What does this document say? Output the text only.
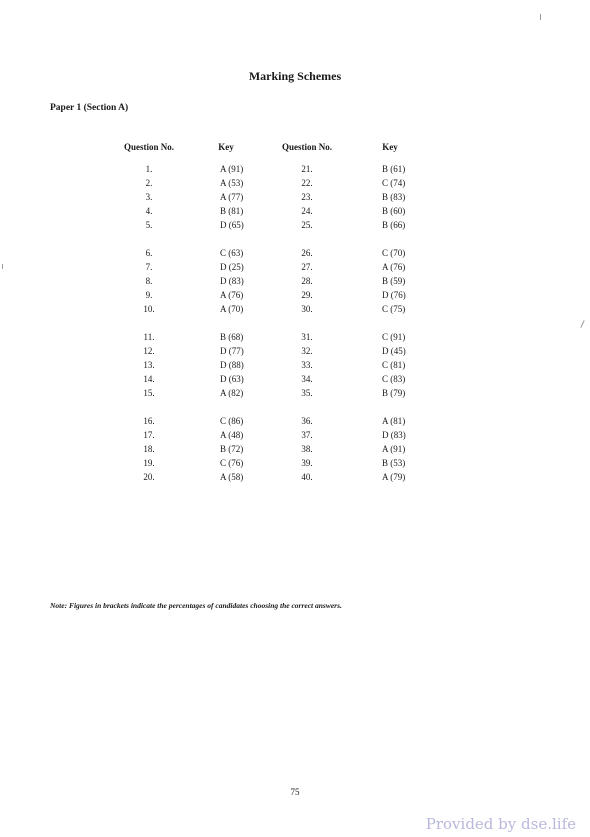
Marking Schemes
Paper 1 (Section A)
Question No.	Key	Question No.	Key
1.	A (91)	21.	B (61)
2.	A (53)	22.	C (74)
3.	A (77)	23.	B (83)
4.	B (81)	24.	B (60)
5.	D (65)	25.	B (66)

6.	C (63)	26.	C (70)
7.	D (25)	27.	A (76)
8.	D (83)	28.	B (59)
9.	A (76)	29.	D (76)
10.	A (70)	30.	C (75)

11.	B (68)	31.	C (91)
12.	D (77)	32.	D (45)
13.	D (88)	33.	C (81)
14.	D (63)	34.	C (83)
15.	A (82)	35.	B (79)

16.	C (86)	36.	A (81)
17.	A (48)	37.	D (83)
18.	B (72)	38.	A (91)
19.	C (76)	39.	B (53)
20.	A (58)	40.	A (79)
Note: Figures in brackets indicate the percentages of candidates choosing the correct answers.
75
Provided by dse.life
